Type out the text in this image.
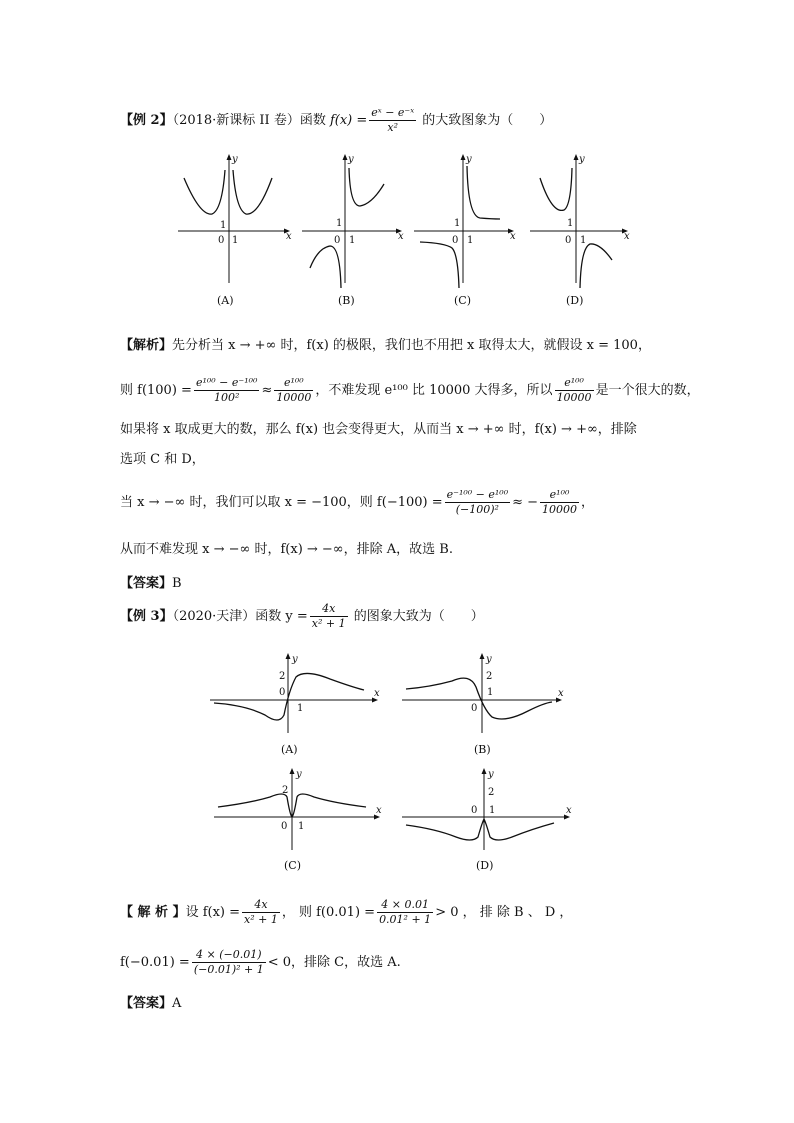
【例 2】（2018·新课标 II 卷）函数 $f(x) = \frac{\text{eˣ − e⁻ˣ}}{\text{x²}}$ 的大致图象为（　　）
y
x
0
1
1
(A)
y
x
0
1
1
(B)
y
x
0
1
1
(C)
y
x
0
1
1
(D)
【解析】先分析当 x → +∞ 时，f(x) 的极限，我们也不用把 x 取得太大，就假设 x = 100，
则 $f(100) = \frac{\text{e¹⁰⁰ − e⁻¹⁰⁰}}{\text{100²}} \approx \frac{\text{e¹⁰⁰}}{10000}$ ，不难发现 e¹⁰⁰ 比 10000 大得多，所以 $\frac{\text{e¹⁰⁰}}{10000}$ 是一个很大的数，
如果将 x 取成更大的数，那么 f(x) 也会变得更大，从而当 x → +∞ 时，f(x) → +∞，排除
选项 C 和 D，
当 x → −∞ 时，我们可以取 x = −100，则 $f(-100) = \frac{\text{e⁻¹⁰⁰ − e¹⁰⁰}}{\text{(−100)²}}$ ≈ − $\frac{\text{e¹⁰⁰}}{10000}$ ，
从而不难发现 x → −∞ 时，f(x) → −∞，排除 A，故选 B.
【答案】B
【例 3】（2020·天津）函数 $y = \frac{4x}{\text{x² + 1}}$ 的图象大致为（　　）
y
x
0
2
1
(A)
y
x
0
2
1
(B)
y
x
0
2
1
(C)
y
x
0
2
1
(D)
【 解 析 】设 $f(x) = \frac{4x}{\text{x² + 1}}$ ， 则 $f(0.01) = \frac{4 \times 0.01}{\text{0.01² + 1}} > 0$ ， 排 除 B 、 D ，
$f(-0.01) = \frac{4 \times (-0.01)}{\text{(−0.01)² + 1}} < 0$，排除 C，故选 A.
【答案】A
